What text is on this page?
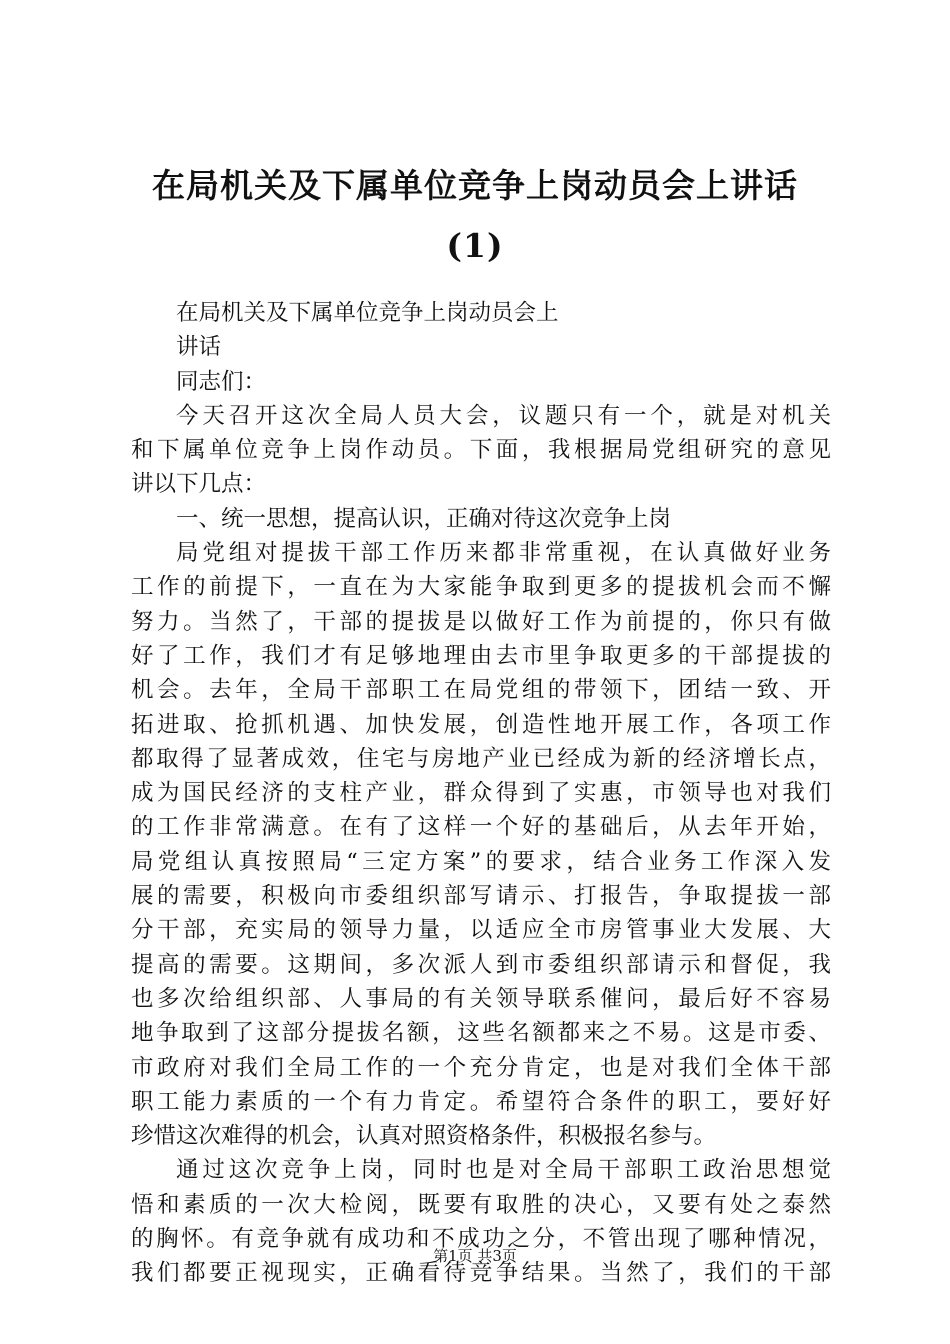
在局机关及下属单位竞争上岗动员会上讲话
(1)
在局机关及下属单位竞争上岗动员会上
讲话
同志们：
今天召开这次全局人员大会，议题只有一个，就是对机关
和下属单位竞争上岗作动员。下面，我根据局党组研究的意见
讲以下几点：
一、统一思想，提高认识，正确对待这次竞争上岗
局党组对提拔干部工作历来都非常重视，在认真做好业务
工作的前提下，一直在为大家能争取到更多的提拔机会而不懈
努力。当然了，干部的提拔是以做好工作为前提的，你只有做
好了工作，我们才有足够地理由去市里争取更多的干部提拔的
机会。去年，全局干部职工在局党组的带领下，团结一致、开
拓进取、抢抓机遇、加快发展，创造性地开展工作，各项工作
都取得了显著成效，住宅与房地产业已经成为新的经济增长点，
成为国民经济的支柱产业，群众得到了实惠，市领导也对我们
的工作非常满意。在有了这样一个好的基础后，从去年开始，
局党组认真按照局“三定方案”的要求，结合业务工作深入发
展的需要，积极向市委组织部写请示、打报告，争取提拔一部
分干部，充实局的领导力量，以适应全市房管事业大发展、大
提高的需要。这期间，多次派人到市委组织部请示和督促，我
也多次给组织部、人事局的有关领导联系催问，最后好不容易
地争取到了这部分提拔名额，这些名额都来之不易。这是市委、
市政府对我们全局工作的一个充分肯定，也是对我们全体干部
职工能力素质的一个有力肯定。希望符合条件的职工，要好好
珍惜这次难得的机会，认真对照资格条件，积极报名参与。
通过这次竞争上岗，同时也是对全局干部职工政治思想觉
悟和素质的一次大检阅，既要有取胜的决心，又要有处之泰然
的胸怀。有竞争就有成功和不成功之分，不管出现了哪种情况，
我们都要正视现实，正确看待竞争结果。当然了，我们的干部
第1页 共3页
